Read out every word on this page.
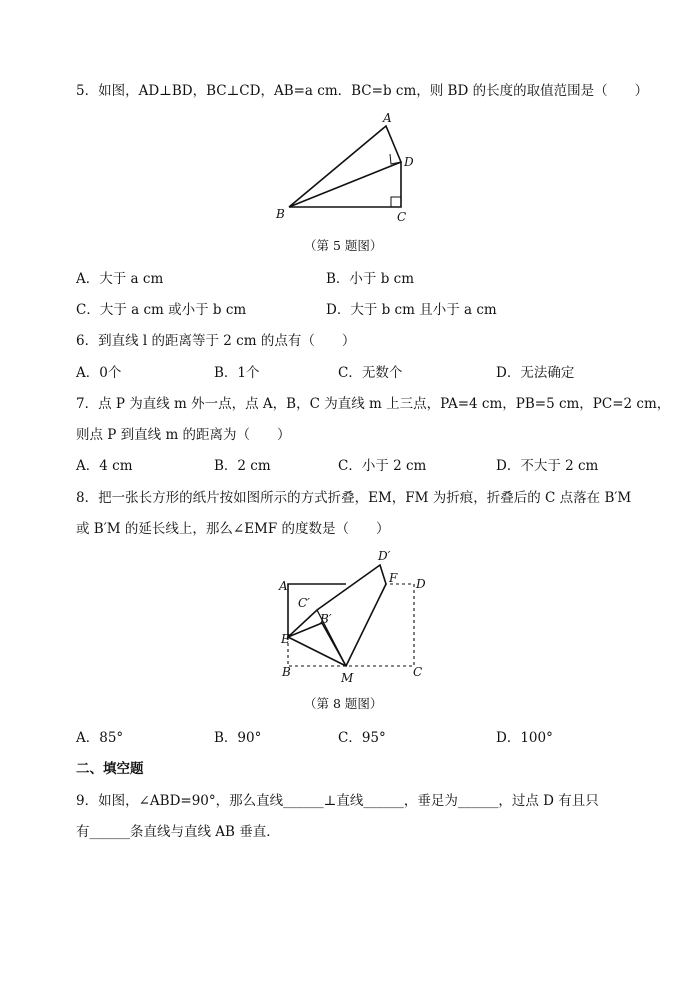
5．如图，AD⊥BD，BC⊥CD，AB=a cm．BC=b cm，则 BD 的长度的取值范围是（　　）
A
D
B	C
A
E
B	M	C
D
F
D′
C′
B′
（第 5 题图）
A．大于 a cm	B．小于 b cm
C．大于 a cm 或小于 b cm	D．大于 b cm 且小于 a cm
6．到直线 l 的距离等于 2 cm 的点有（　　）
A．0个	B．1个	C．无数个	D．无法确定
7．点 P 为直线 m 外一点，点 A，B，C 为直线 m 上三点，PA=4 cm，PB=5 cm，PC=2 cm，
则点 P 到直线 m 的距离为（　　）
A．4 cm	B．2 cm	C．小于 2 cm	D．不大于 2 cm
8．把一张长方形的纸片按如图所示的方式折叠，EM，FM 为折痕，折叠后的 C 点落在 B′M
或 B′M 的延长线上，那么∠EMF 的度数是（　　）
（第 8 题图）
A．85°	B．90°	C．95°	D．100°
二、填空题
9．如图，∠ABD=90°，那么直线______⊥直线______，垂足为______，过点 D 有且只
有______条直线与直线 AB 垂直．
